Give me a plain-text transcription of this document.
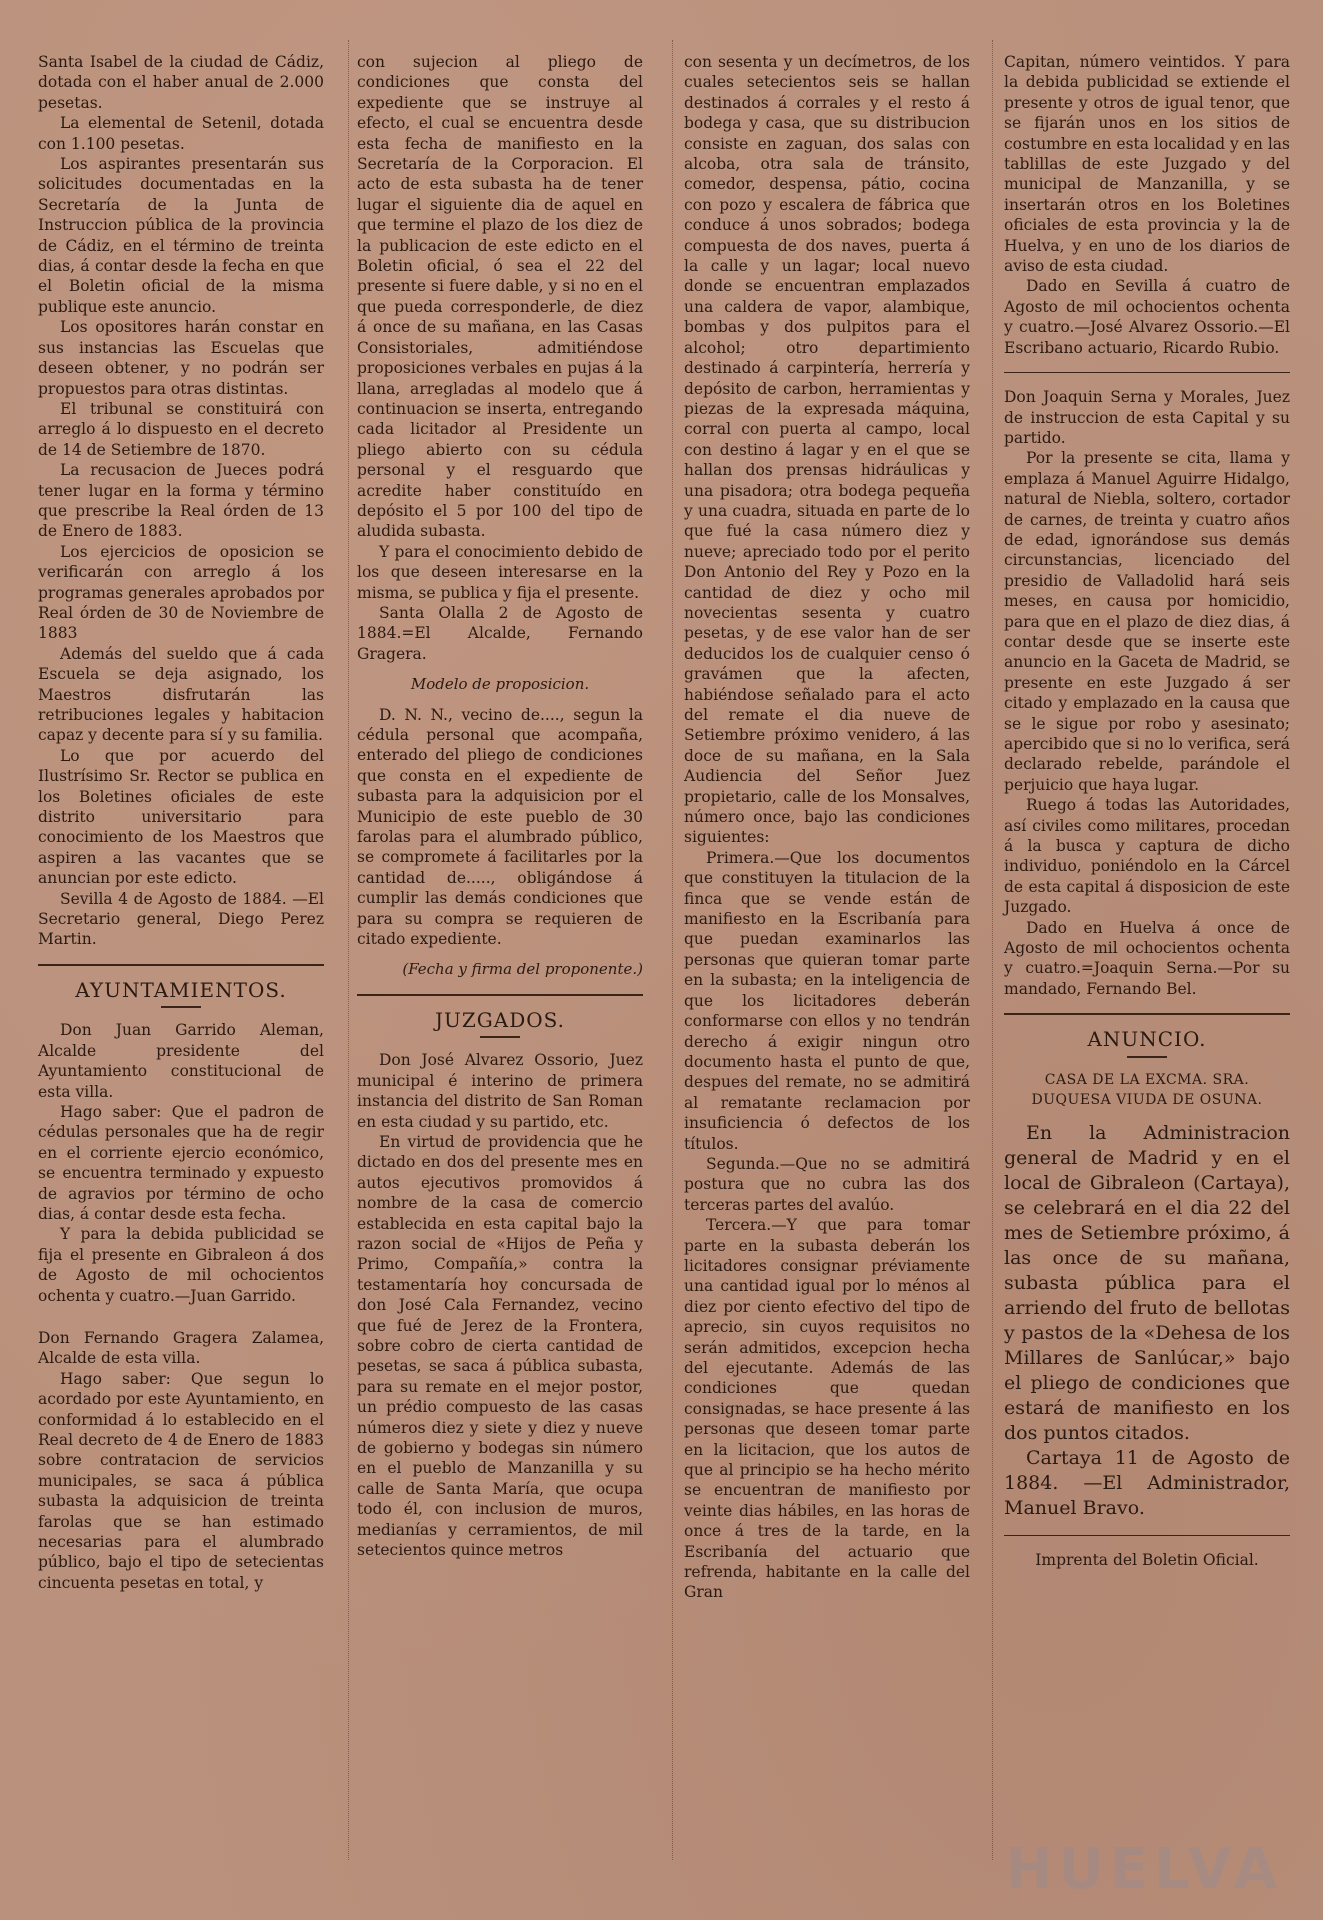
Santa Isabel de la ciudad de Cádiz, dotada con el haber anual de 2.000 pesetas.

La elemental de Setenil, dotada con 1.100 pesetas.

Los aspirantes presentarán sus solicitudes documentadas en la Secretaría de la Junta de Instruccion pública de la provincia de Cádiz, en el término de treinta dias, á contar desde la fecha en que el Boletin oficial de la misma publique este anuncio.

Los opositores harán constar en sus instancias las Escuelas que deseen obtener, y no podrán ser propuestos para otras distintas.

El tribunal se constituirá con arreglo á lo dispuesto en el decreto de 14 de Setiembre de 1870.

La recusacion de Jueces podrá tener lugar en la forma y término que prescribe la Real órden de 13 de Enero de 1883.

Los ejercicios de oposicion se verificarán con arreglo á los programas generales aprobados por Real órden de 30 de Noviembre de 1883

Además del sueldo que á cada Escuela se deja asignado, los Maestros disfrutarán las retribuciones legales y habitacion capaz y decente para sí y su familia.

Lo que por acuerdo del Ilustrísimo Sr. Rector se publica en los Boletines oficiales de este distrito universitario para conocimiento de los Maestros que aspiren a las vacantes que se anuncian por este edicto.

Sevilla 4 de Agosto de 1884. —El Secretario general, Diego Perez Martin.

AYUNTAMIENTOS.

Don Juan Garrido Aleman, Alcalde presidente del Ayuntamiento constitucional de esta villa.

Hago saber: Que el padron de cédulas personales que ha de regir en el corriente ejercio económico, se encuentra terminado y expuesto de agravios por término de ocho dias, á contar desde esta fecha.

Y para la debida publicidad se fija el presente en Gibraleon á dos de Agosto de mil ochocientos ochenta y cuatro.—Juan Garrido.

Don Fernando Gragera Zalamea, Alcalde de esta villa.

Hago saber: Que segun lo acordado por este Ayuntamiento, en conformidad á lo establecido en el Real decreto de 4 de Enero de 1883 sobre contratacion de servicios municipales, se saca á pública subasta la adquisicion de treinta farolas que se han estimado necesarias para el alumbrado público, bajo el tipo de setecientas cincuenta pesetas en total, y

con sujecion al pliego de condiciones que consta del expediente que se instruye al efecto, el cual se encuentra desde esta fecha de manifiesto en la Secretaría de la Corporacion. El acto de esta subasta ha de tener lugar el siguiente dia de aquel en que termine el plazo de los diez de la publicacion de este edicto en el Boletin oficial, ó sea el 22 del presente si fuere dable, y si no en el que pueda corresponderle, de diez á once de su mañana, en las Casas Consistoriales, admitiéndose proposiciones verbales en pujas á la llana, arregladas al modelo que á continuacion se inserta, entregando cada licitador al Presidente un pliego abierto con su cédula personal y el resguardo que acredite haber constituído en depósito el 5 por 100 del tipo de aludida subasta.

Y para el conocimiento debido de los que deseen interesarse en la misma, se publica y fija el presente.

Santa Olalla 2 de Agosto de 1884.=El Alcalde, Fernando Gragera.

Modelo de proposicion.

D. N. N., vecino de...., segun la cédula personal que acompaña, enterado del pliego de condiciones que consta en el expediente de subasta para la adquisicion por el Municipio de este pueblo de 30 farolas para el alumbrado público, se compromete á facilitarles por la cantidad de....., obligándose á cumplir las demás condiciones que para su compra se requieren de citado expediente.

(Fecha y firma del proponente.)

JUZGADOS.

Don José Alvarez Ossorio, Juez municipal é interino de primera instancia del distrito de San Roman en esta ciudad y su partido, etc.

En virtud de providencia que he dictado en dos del presente mes en autos ejecutivos promovidos á nombre de la casa de comercio establecida en esta capital bajo la razon social de «Hijos de Peña y Primo, Compañía,» contra la testamentaría hoy concursada de don José Cala Fernandez, vecino que fué de Jerez de la Frontera, sobre cobro de cierta cantidad de pesetas, se saca á pública subasta, para su remate en el mejor postor, un prédio compuesto de las casas números diez y siete y diez y nueve de gobierno y bodegas sin número en el pueblo de Manzanilla y su calle de Santa María, que ocupa todo él, con inclusion de muros, medianías y cerramientos, de mil setecientos quince metros

con sesenta y un decímetros, de los cuales setecientos seis se hallan destinados á corrales y el resto á bodega y casa, que su distribucion consiste en zaguan, dos salas con alcoba, otra sala de tránsito, comedor, despensa, pátio, cocina con pozo y escalera de fábrica que conduce á unos sobrados; bodega compuesta de dos naves, puerta á la calle y un lagar; local nuevo donde se encuentran emplazados una caldera de vapor, alambique, bombas y dos pulpitos para el alcohol; otro departimiento destinado á carpintería, herrería y depósito de carbon, herramientas y piezas de la expresada máquina, corral con puerta al campo, local con destino á lagar y en el que se hallan dos prensas hidráulicas y una pisadora; otra bodega pequeña y una cuadra, situada en parte de lo que fué la casa número diez y nueve; apreciado todo por el perito Don Antonio del Rey y Pozo en la cantidad de diez y ocho mil novecientas sesenta y cuatro pesetas, y de ese valor han de ser deducidos los de cualquier censo ó gravámen que la afecten, habiéndose señalado para el acto del remate el dia nueve de Setiembre próximo venidero, á las doce de su mañana, en la Sala Audiencia del Señor Juez propietario, calle de los Monsalves, número once, bajo las condiciones siguientes:

Primera.—Que los documentos que constituyen la titulacion de la finca que se vende están de manifiesto en la Escribanía para que puedan examinarlos las personas que quieran tomar parte en la subasta; en la inteligencia de que los licitadores deberán conformarse con ellos y no tendrán derecho á exigir ningun otro documento hasta el punto de que, despues del remate, no se admitirá al rematante reclamacion por insuficiencia ó defectos de los títulos.

Segunda.—Que no se admitirá postura que no cubra las dos terceras partes del avalúo.

Tercera.—Y que para tomar parte en la subasta deberán los licitadores consignar préviamente una cantidad igual por lo ménos al diez por ciento efectivo del tipo de aprecio, sin cuyos requisitos no serán admitidos, excepcion hecha del ejecutante. Además de las condiciones que quedan consignadas, se hace presente á las personas que deseen tomar parte en la licitacion, que los autos de que al principio se ha hecho mérito se encuentran de manifiesto por veinte dias hábiles, en las horas de once á tres de la tarde, en la Escribanía del actuario que refrenda, habitante en la calle del Gran

Capitan, número veintidos. Y para la debida publicidad se extiende el presente y otros de igual tenor, que se fijarán unos en los sitios de costumbre en esta localidad y en las tablillas de este Juzgado y del municipal de Manzanilla, y se insertarán otros en los Boletines oficiales de esta provincia y la de Huelva, y en uno de los diarios de aviso de esta ciudad.

Dado en Sevilla á cuatro de Agosto de mil ochocientos ochenta y cuatro.—José Alvarez Ossorio.—El Escribano actuario, Ricardo Rubio.

Don Joaquin Serna y Morales, Juez de instruccion de esta Capital y su partido.

Por la presente se cita, llama y emplaza á Manuel Aguirre Hidalgo, natural de Niebla, soltero, cortador de carnes, de treinta y cuatro años de edad, ignorándose sus demás circunstancias, licenciado del presidio de Valladolid hará seis meses, en causa por homicidio, para que en el plazo de diez dias, á contar desde que se inserte este anuncio en la Gaceta de Madrid, se presente en este Juzgado á ser citado y emplazado en la causa que se le sigue por robo y asesinato; apercibido que si no lo verifica, será declarado rebelde, parándole el perjuicio que haya lugar.

Ruego á todas las Autoridades, así civiles como militares, procedan á la busca y captura de dicho individuo, poniéndolo en la Cárcel de esta capital á disposicion de este Juzgado.

Dado en Huelva á once de Agosto de mil ochocientos ochenta y cuatro.=Joaquin Serna.—Por su mandado, Fernando Bel.

ANUNCIO.

CASA DE LA EXCMA. SRA. DUQUESA VIUDA DE OSUNA.

En la Administracion general de Madrid y en el local de Gibraleon (Cartaya), se celebrará en el dia 22 del mes de Setiembre próximo, á las once de su mañana, subasta pública para el arriendo del fruto de bellotas y pastos de la «Dehesa de los Millares de Sanlúcar,» bajo el pliego de condiciones que estará de manifiesto en los dos puntos citados.

Cartaya 11 de Agosto de 1884. —El Administrador, Manuel Bravo.

Imprenta del Boletin Oficial.

HUELVA
